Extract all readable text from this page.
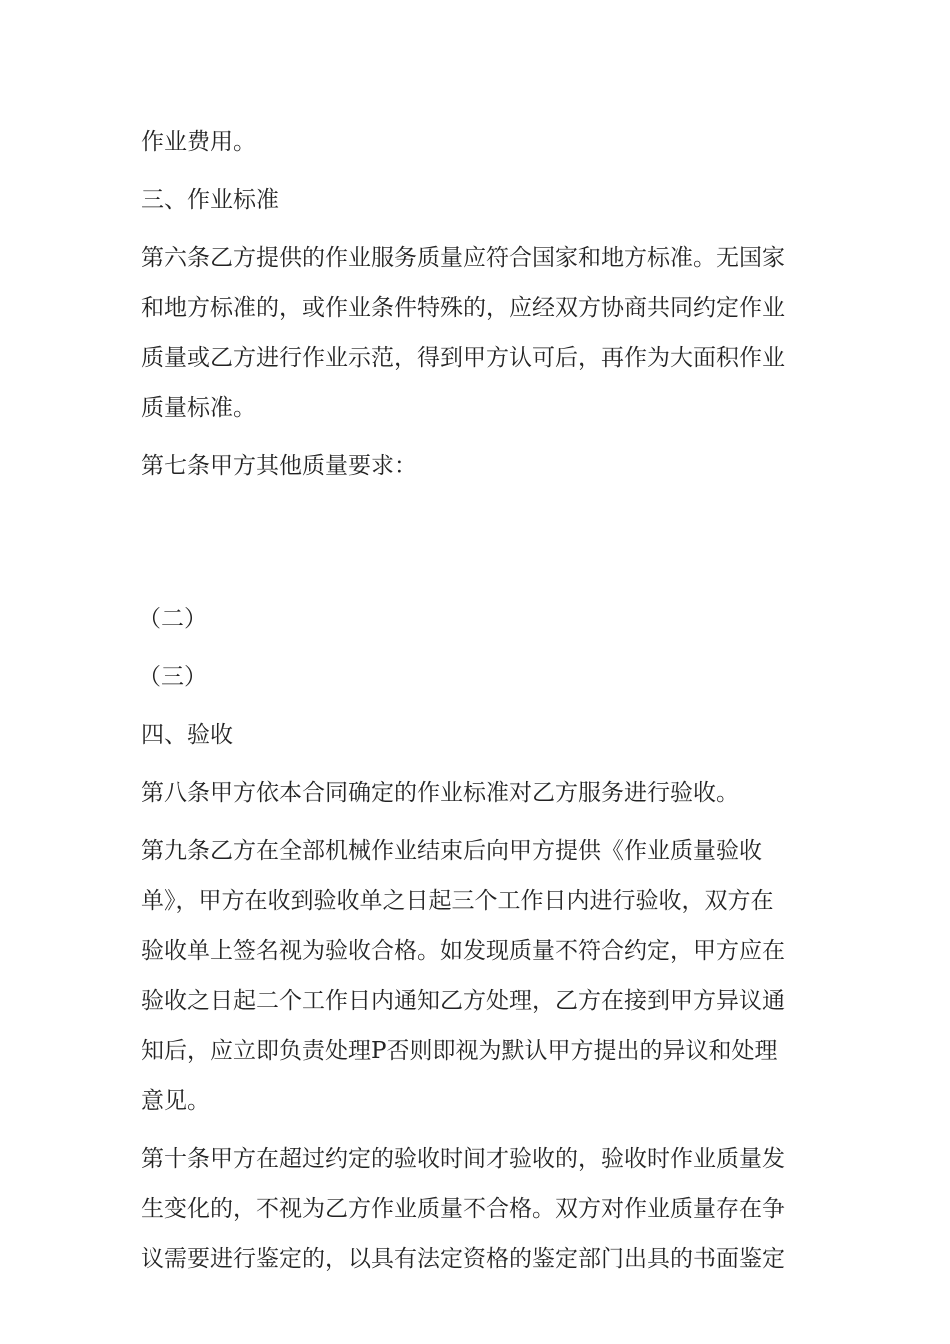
作业费用。

三、作业标准

第六条乙方提供的作业服务质量应符合国家和地方标准。无国家
和地方标准的，或作业条件特殊的，应经双方协商共同约定作业
质量或乙方进行作业示范，得到甲方认可后，再作为大面积作业
质量标准。

第七条甲方其他质量要求：

（二）

（三）

四、验收

第八条甲方依本合同确定的作业标准对乙方服务进行验收。

第九条乙方在全部机械作业结束后向甲方提供《作业质量验收
单》，甲方在收到验收单之日起三个工作日内进行验收，双方在
验收单上签名视为验收合格。如发现质量不符合约定，甲方应在
验收之日起二个工作日内通知乙方处理，乙方在接到甲方异议通
知后，应立即负责处理P否则即视为默认甲方提出的异议和处理
意见。

第十条甲方在超过约定的验收时间才验收的，验收时作业质量发
生变化的，不视为乙方作业质量不合格。双方对作业质量存在争
议需要进行鉴定的，以具有法定资格的鉴定部门出具的书面鉴定
